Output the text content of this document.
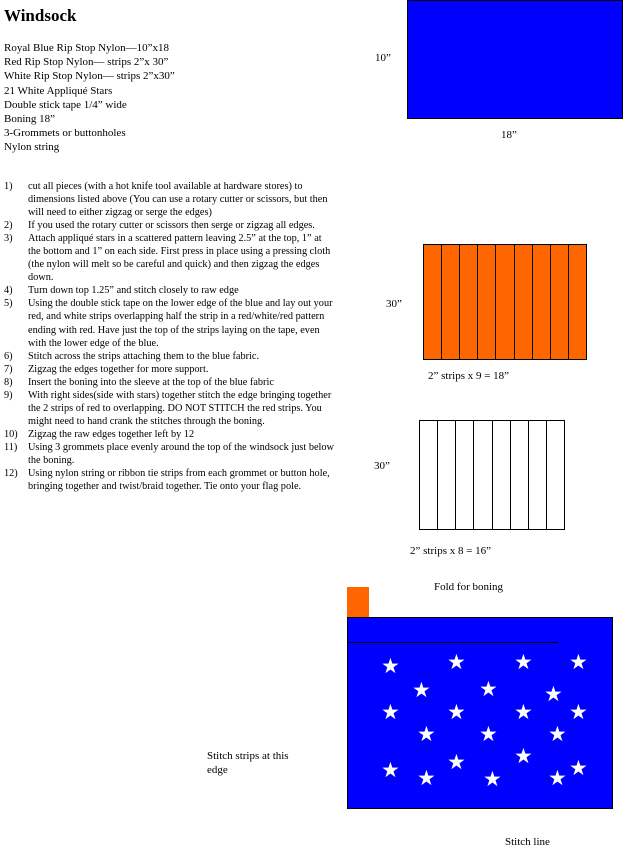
Windsock
Royal Blue Rip Stop Nylon—10”x18
Red Rip Stop Nylon— strips 2”x 30”
White Rip Stop Nylon— strips 2”x30”
21 White Appliqué Stars
Double stick tape 1/4” wide
Boning 18”
3-Grommets or buttonholes
Nylon string
1) cut all pieces (with a hot knife tool available at hardware stores) to dimensions listed above (You can use a rotary cutter or scissors, but then will need to either zigzag or serge the edges)
2) If you used the rotary cutter or scissors then serge or zigzag all edges.
3) Attach appliqué stars in a scattered pattern leaving 2.5” at the top, 1” at the bottom and 1” on each side. First press in place using a pressing cloth (the nylon will melt so be careful and quick) and then zigzag the edges down.
4) Turn down top 1.25” and stitch closely to raw edge
5) Using the double stick tape on the lower edge of the blue and lay out your red, and white strips overlapping half the strip in a red/white/red pattern ending with red. Have just the top of the strips laying on the tape, even with the lower edge of the blue.
6) Stitch across the strips attaching them to the blue fabric.
7) Zigzag the edges together for more support.
8) Insert the boning into the sleeve at the top of the blue fabric
9) With right sides(side with stars) together stitch the edge bringing together the 2 strips of red to overlapping. DO NOT STITCH the red strips. You might need to hand crank the stitches through the boning.
10) Zigzag the raw edges together left by 12
11) Using 3 grommets place evenly around the top of the windsock just below the boning.
12) Using nylon string or ribbon tie strips from each grommet or button hole, bringing together and twist/braid together. Tie onto your flag pole.
10”
18”
30”
2” strips x 9 = 18”
30”
2” strips x 8 = 16”
Fold for boning
★ ★ ★ ★
★ ★ ★
★ ★ ★ ★
★ ★ ★
★ ★
★ ★ ★ ★ ★
Stitch strips at this edge
Stitch line
